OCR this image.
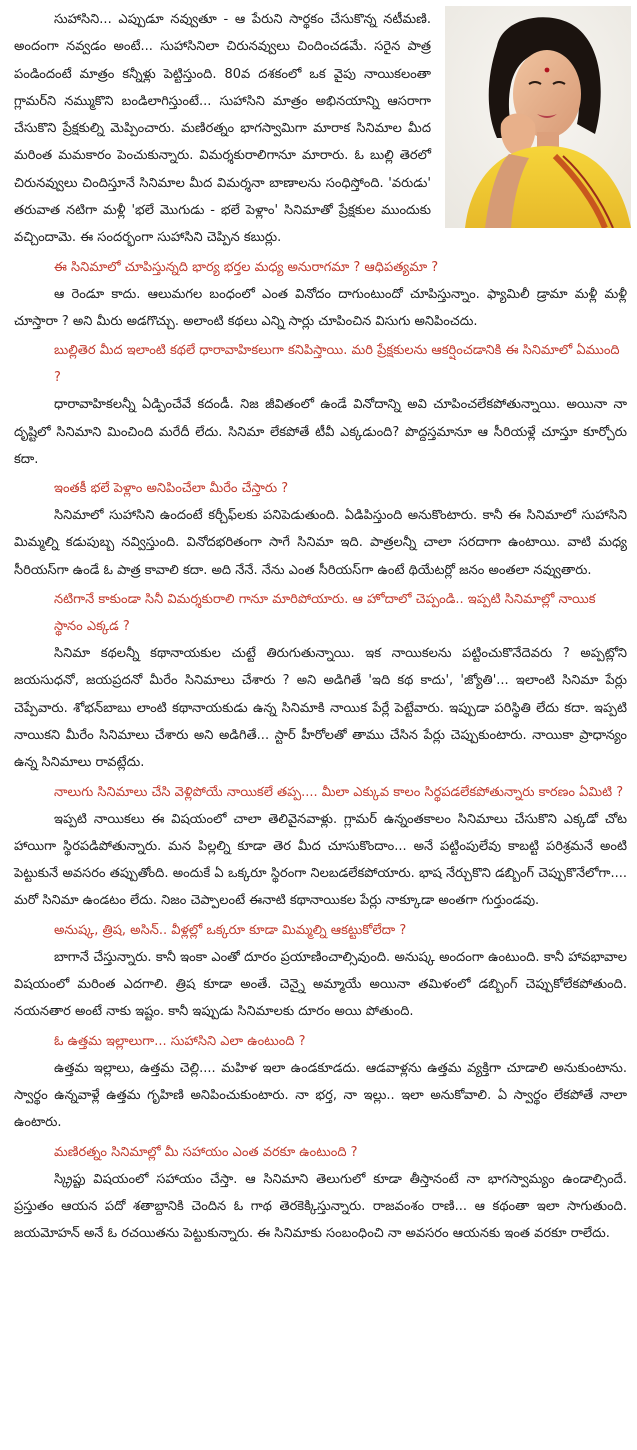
సుహాసిని... ఎప్పుడూ నవ్వుతూ - ఆ పేరుని సార్థకం చేసుకొన్న నటీమణి. అందంగా నవ్వడం అంటే... సుహాసినిలా చిరునవ్వులు చిందించడమే. సరైన పాత్ర పండిందంటే మాత్రం కన్నీళ్లు పెట్టిస్తుంది. 80వ దశకంలో ఒక వైపు నాయికలంతా గ్లామర్‌ని నమ్ముకొని బండిలాగిస్తుంటే... సుహాసిని మాత్రం అభినయాన్ని ఆసరాగా చేసుకొని ప్రేక్షకుల్ని మెప్పించారు. మణిరత్నం భాగస్వామిగా మారాక సినిమాల మీద మరింత మమకారం పెంచుకున్నారు. విమర్శకురాలిగానూ మారారు. ఓ బుల్లి తెరలో చిరునవ్వులు చిందిస్తూనే సినిమాల మీద విమర్శనా బాణాలను సంధిస్తోంది. 'వరుడు' తరువాత నటిగా మళ్లీ 'భలే మొగుడు - భలే పెళ్లాం' సినిమాతో ప్రేక్షకుల ముందుకు వచ్చిందామె. ఈ సందర్భంగా సుహాసిని చెప్పిన కబుర్లు.

ఈ సినిమాలో చూపిస్తున్నది భార్య భర్తల మధ్య అనురాగమా ? ఆధిపత్యమా ?

ఆ రెండూ కాదు. ఆలుమగల బంధంలో ఎంత వినోదం దాగుంటుందో చూపిస్తున్నాం. ఫ్యామిలీ డ్రామా మళ్లీ మళ్లీ చూస్తారా ? అని మీరు అడగొచ్చు. అలాంటి కథలు ఎన్ని సార్లు చూపించిన విసుగు అనిపించదు.

బుల్లితెర మీద ఇలాంటి కథలే ధారావాహికలుగా కనిపిస్తాయి. మరి ప్రేక్షకులను ఆకర్షించడానికి ఈ సినిమాలో ఏముంది ?

ధారావాహికలన్నీ ఏడ్పించేవే కదండీ. నిజ జీవితంలో ఉండే వినోదాన్ని అవి చూపించలేకపోతున్నాయి. అయినా నా దృష్టిలో సినిమాని మించింది మరేదీ లేదు. సినిమా లేకపోతే టీవీ ఎక్కడుంది? పొద్దస్తమానూ ఆ సీరియళ్లే చూస్తూ కూర్చోరు కదా.

ఇంతకీ భలే పెళ్లాం అనిపించేలా మీరేం చేస్తారు ?

సినిమాలో సుహాసిని ఉందంటే కర్చీఫ్‌లకు పనిపెడుతుంది. ఏడిపిస్తుంది అనుకొంటారు. కానీ ఈ సినిమాలో సుహాసిని మిమ్మల్ని కడుపుబ్బ నవ్విస్తుంది. వినోదభరితంగా సాగే సినిమా ఇది. పాత్రలన్నీ చాలా సరదాగా ఉంటాయి. వాటి మధ్య సీరియస్‌గా ఉండే ఓ పాత్ర కావాలి కదా. అది నేనే. నేను ఎంత సీరియస్‌గా ఉంటే థియేటర్లో జనం అంతలా నవ్వుతారు.

నటిగానే కాకుండా సినీ విమర్శకురాలి గానూ మారిపోయారు. ఆ హోదాలో చెప్పండి.. ఇప్పటి సినిమాల్లో నాయిక స్థానం ఎక్కడ ?

సినిమా కథలన్నీ కథానాయకుల చుట్టే తిరుగుతున్నాయి. ఇక నాయికలను పట్టించుకొనేదెవరు ? అప్పట్లోని జయసుధనో, జయప్రదనో మీరేం సినిమాలు చేశారు ? అని అడిగితే 'ఇది కథ కాదు', 'జ్యోతి'... ఇలాంటి సినిమా పేర్లు చెప్పేవారు. శోభన్‌బాబు లాంటి కథానాయకుడు ఉన్న సినిమాకి నాయిక పేర్లే పెట్టేవారు. ఇప్పుడా పరిస్థితి లేదు కదా. ఇప్పటి నాయికని మీరేం సినిమాలు చేశారు అని అడిగితే... స్టార్ హీరోలతో తాము చేసిన పేర్లు చెప్పుకుంటారు. నాయికా ప్రాధాన్యం ఉన్న సినిమాలు రావట్లేదు.

నాలుగు సినిమాలు చేసి వెళ్లిపోయే నాయికలే తప్ప.... మీలా ఎక్కువ కాలం సిర్థపడలేకపోతున్నారు కారణం ఏమిటి ?

ఇప్పటి నాయికలు ఈ విషయంలో చాలా తెలివైనవాళ్లు. గ్లామర్ ఉన్నంతకాలం సినిమాలు చేసుకొని ఎక్కడో చోట హాయిగా స్థిరపడిపోతున్నారు. మన పిల్లల్ని కూడా తెర మీద చూసుకొందాం... అనే పట్టింపులేవు కాబట్టి పరిశ్రమనే అంటి పెట్టుకునే అవసరం తప్పుతోంది. అందుకే ఏ ఒక్కరూ స్థిరంగా నిలబడలేకపోయారు. భాష నేర్చుకొని డబ్బింగ్ చెప్పుకొనేలోగా.... మరో సినిమా ఉండటం లేదు. నిజం చెప్పాలంటే ఈనాటి కథానాయికల పేర్లు నాక్కూడా అంతగా గుర్తుండవు.

అనుష్క, త్రిష, అసిన్.. వీళ్లల్లో ఒక్కరూ కూడా మిమ్మల్ని ఆకట్టుకోలేదా ?

బాగానే చేస్తున్నారు. కానీ ఇంకా ఎంతో దూరం ప్రయాణించాల్సివుంది. అనుష్క అందంగా ఉంటుంది. కానీ హావభావాల విషయంలో మరింత ఎదగాలి. త్రిష కూడా అంతే. చెన్నై అమ్మాయే అయినా తమిళంలో డబ్బింగ్ చెప్పుకోలేకపోతుంది. నయనతార అంటే నాకు ఇష్టం. కానీ ఇప్పుడు సినిమాలకు దూరం అయి పోతుంది.

ఓ ఉత్తమ ఇల్లాలుగా... సుహాసిని ఎలా ఉంటుంది ?

ఉత్తమ ఇల్లాలు, ఉత్తమ చెల్లి.... మహిళ ఇలా ఉండకూడదు. ఆడవాళ్లను ఉత్తమ వ్యక్తిగా చూడాలి అనుకుంటాను. స్వార్థం ఉన్నవాళ్లే ఉత్తమ గృహిణి అనిపించుకుంటారు. నా భర్త, నా ఇల్లు.. ఇలా అనుకోవాలి. ఏ స్వార్థం లేకపోతే నాలా ఉంటారు.

మణిరత్నం సినిమాల్లో మీ సహాయం ఎంత వరకూ ఉంటుంది ?

స్క్రిప్టు విషయంలో సహాయం చేస్తా. ఆ సినిమాని తెలుగులో కూడా తీస్తానంటే నా భాగస్వామ్యం ఉండాల్సిందే. ప్రస్తుతం ఆయన పదో శతాబ్దానికి చెందిన ఓ గాథ తెరకెక్కిస్తున్నారు. రాజవంశం రాణి... ఆ కథంతా ఇలా సాగుతుంది. జయమోహన్ అనే ఓ రచయితను పెట్టుకున్నారు. ఈ సినిమాకు సంబంధించి నా అవసరం ఆయనకు ఇంత వరకూ రాలేదు.
